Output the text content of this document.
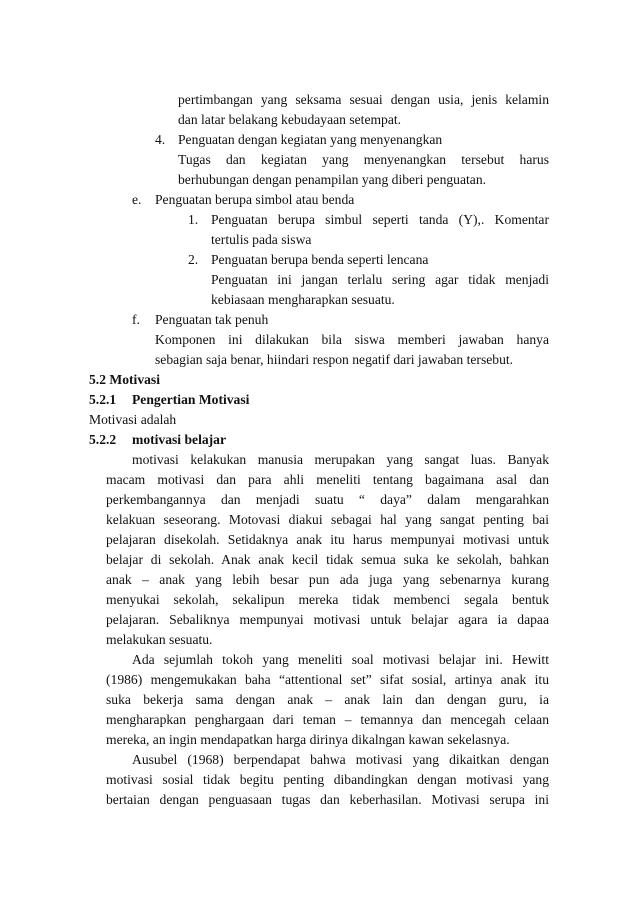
pertimbangan yang seksama sesuai dengan usia, jenis kelamin
dan latar belakang kebudayaan setempat.
4. Penguatan dengan kegiatan yang menyenangkan
Tugas dan kegiatan yang menyenangkan tersebut harus
berhubungan dengan penampilan yang diberi penguatan.
e. Penguatan berupa simbol atau benda
1. Penguatan berupa simbul seperti tanda (Y),. Komentar
tertulis pada siswa
2. Penguatan berupa benda seperti lencana
Penguatan ini jangan terlalu sering agar tidak menjadi
kebiasaan mengharapkan sesuatu.
f. Penguatan tak penuh
Komponen ini dilakukan bila siswa memberi jawaban hanya
sebagian saja benar, hiindari respon negatif dari jawaban tersebut.
5.2 Motivasi
5.2.1 Pengertian Motivasi
Motivasi adalah
5.2.2 motivasi belajar
motivasi kelakukan manusia merupakan yang sangat luas. Banyak
macam motivasi dan para ahli meneliti tentang bagaimana asal dan
perkembangannya dan menjadi suatu “ daya” dalam mengarahkan
kelakuan seseorang. Motovasi diakui sebagai hal yang sangat penting bai
pelajaran disekolah. Setidaknya anak itu harus mempunyai motivasi untuk
belajar di sekolah. Anak anak kecil tidak semua suka ke sekolah, bahkan
anak – anak yang lebih besar pun ada juga yang sebenarnya kurang
menyukai sekolah, sekalipun mereka tidak membenci segala bentuk
pelajaran. Sebaliknya mempunyai motivasi untuk belajar agara ia dapaa
melakukan sesuatu.
Ada sejumlah tokoh yang meneliti soal motivasi belajar ini. Hewitt
(1986) mengemukakan baha “attentional set” sifat sosial, artinya anak itu
suka bekerja sama dengan anak – anak lain dan dengan guru, ia
mengharapkan penghargaan dari teman – temannya dan mencegah celaan
mereka, an ingin mendapatkan harga dirinya dikalngan kawan sekelasnya.
Ausubel (1968) berpendapat bahwa motivasi yang dikaitkan dengan
motivasi sosial tidak begitu penting dibandingkan dengan motivasi yang
bertaian dengan penguasaan tugas dan keberhasilan. Motivasi serupa ini
